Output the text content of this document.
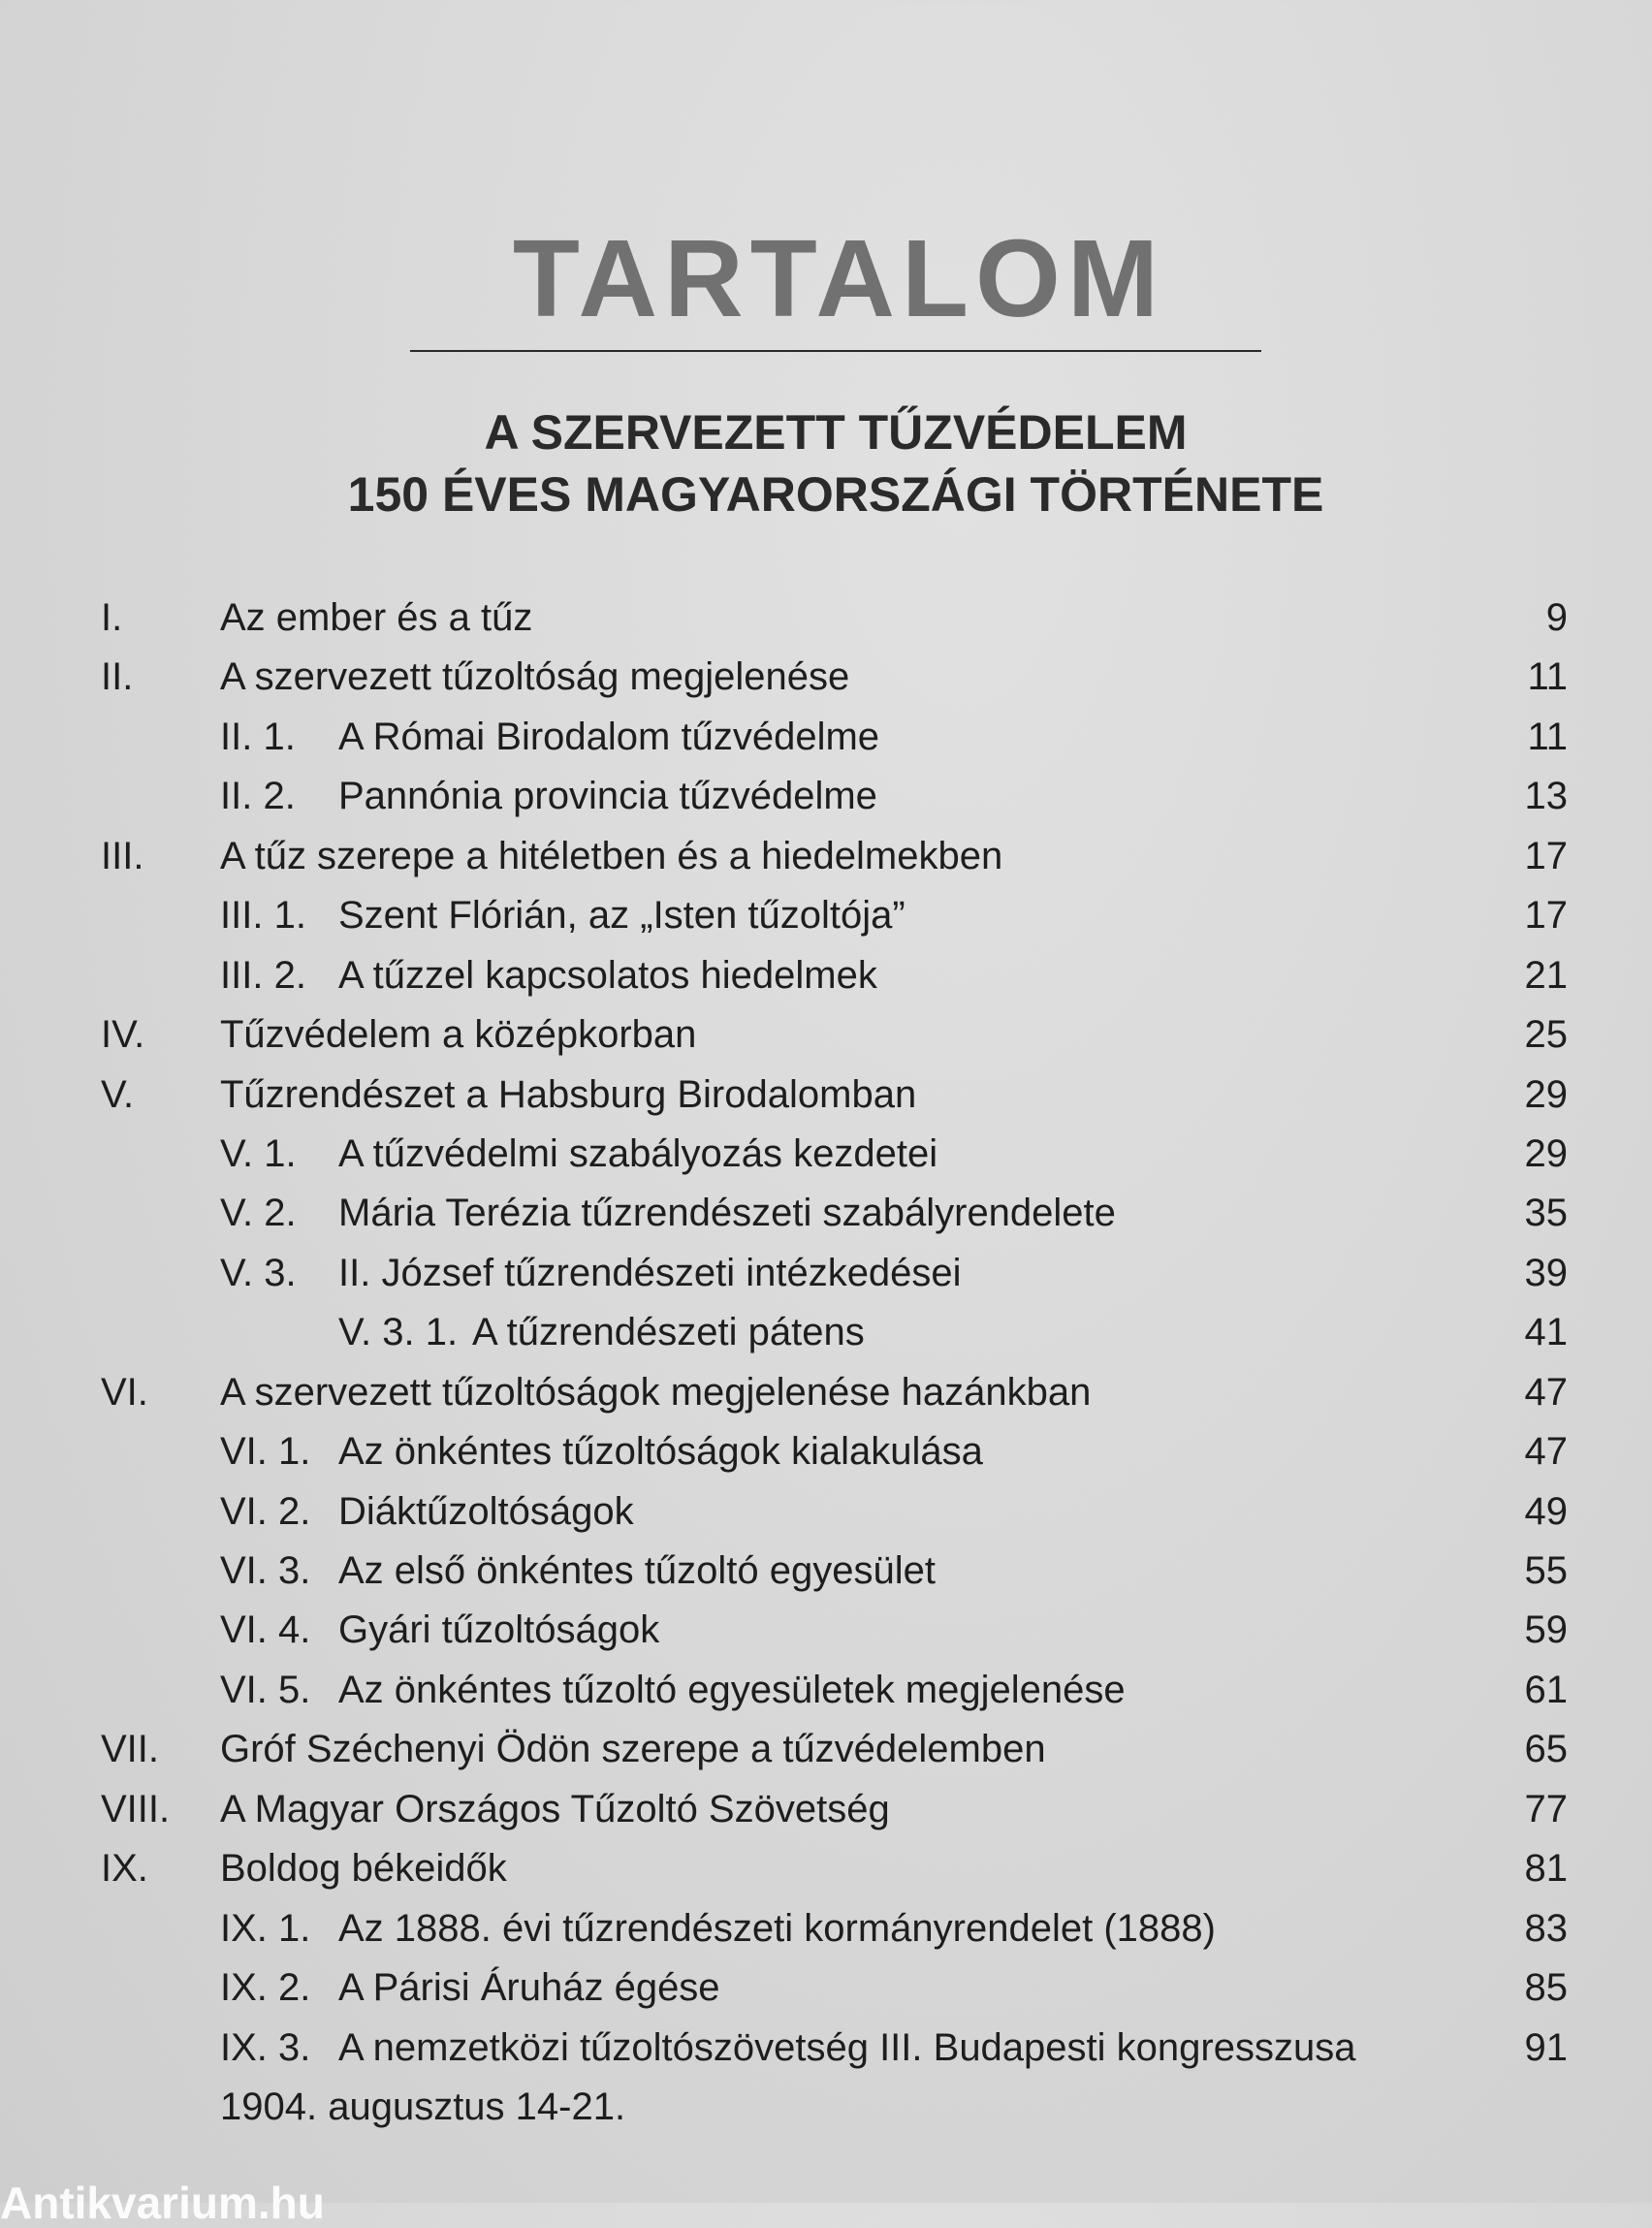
TARTALOM
A SZERVEZETT TŰZVÉDELEM
150 ÉVES MAGYARORSZÁGI TÖRTÉNETE
I.	Az ember és a tűz	9
II. A szervezett tűzoltóság megjelenése	11
II. 1. A Római Birodalom tűzvédelme	11
II. 2. Pannónia provincia tűzvédelme	13
III. A tűz szerepe a hitéletben és a hiedelmekben	17
III. 1. Szent Flórián, az „Isten tűzoltója”	17
III. 2. A tűzzel kapcsolatos hiedelmek	21
IV. Tűzvédelem a középkorban	25
V. Tűzrendészet a Habsburg Birodalomban	29
V. 1. A tűzvédelmi szabályozás kezdetei	29
V. 2. Mária Terézia tűzrendészeti szabályrendelete	35
V. 3. II. József tűzrendészeti intézkedései	39
V. 3. 1. A tűzrendészeti pátens	41
VI. A szervezett tűzoltóságok megjelenése hazánkban	47
VI. 1. Az önkéntes tűzoltóságok kialakulása	47
VI. 2. Diáktűzoltóságok	49
VI. 3. Az első önkéntes tűzoltó egyesület	55
VI. 4. Gyári tűzoltóságok	59
VI. 5. Az önkéntes tűzoltó egyesületek megjelenése	61
VII. Gróf Széchenyi Ödön szerepe a tűzvédelemben	65
VIII. A Magyar Országos Tűzoltó Szövetség	77
IX. Boldog békeidők	81
IX. 1. Az 1888. évi tűzrendészeti kormányrendelet (1888)	83
IX. 2. A Párisi Áruház égése	85
IX. 3. A nemzetközi tűzoltószövetség III. Budapesti kongresszusa	91
1904. augusztus 14-21.
Antikvarium.hu
